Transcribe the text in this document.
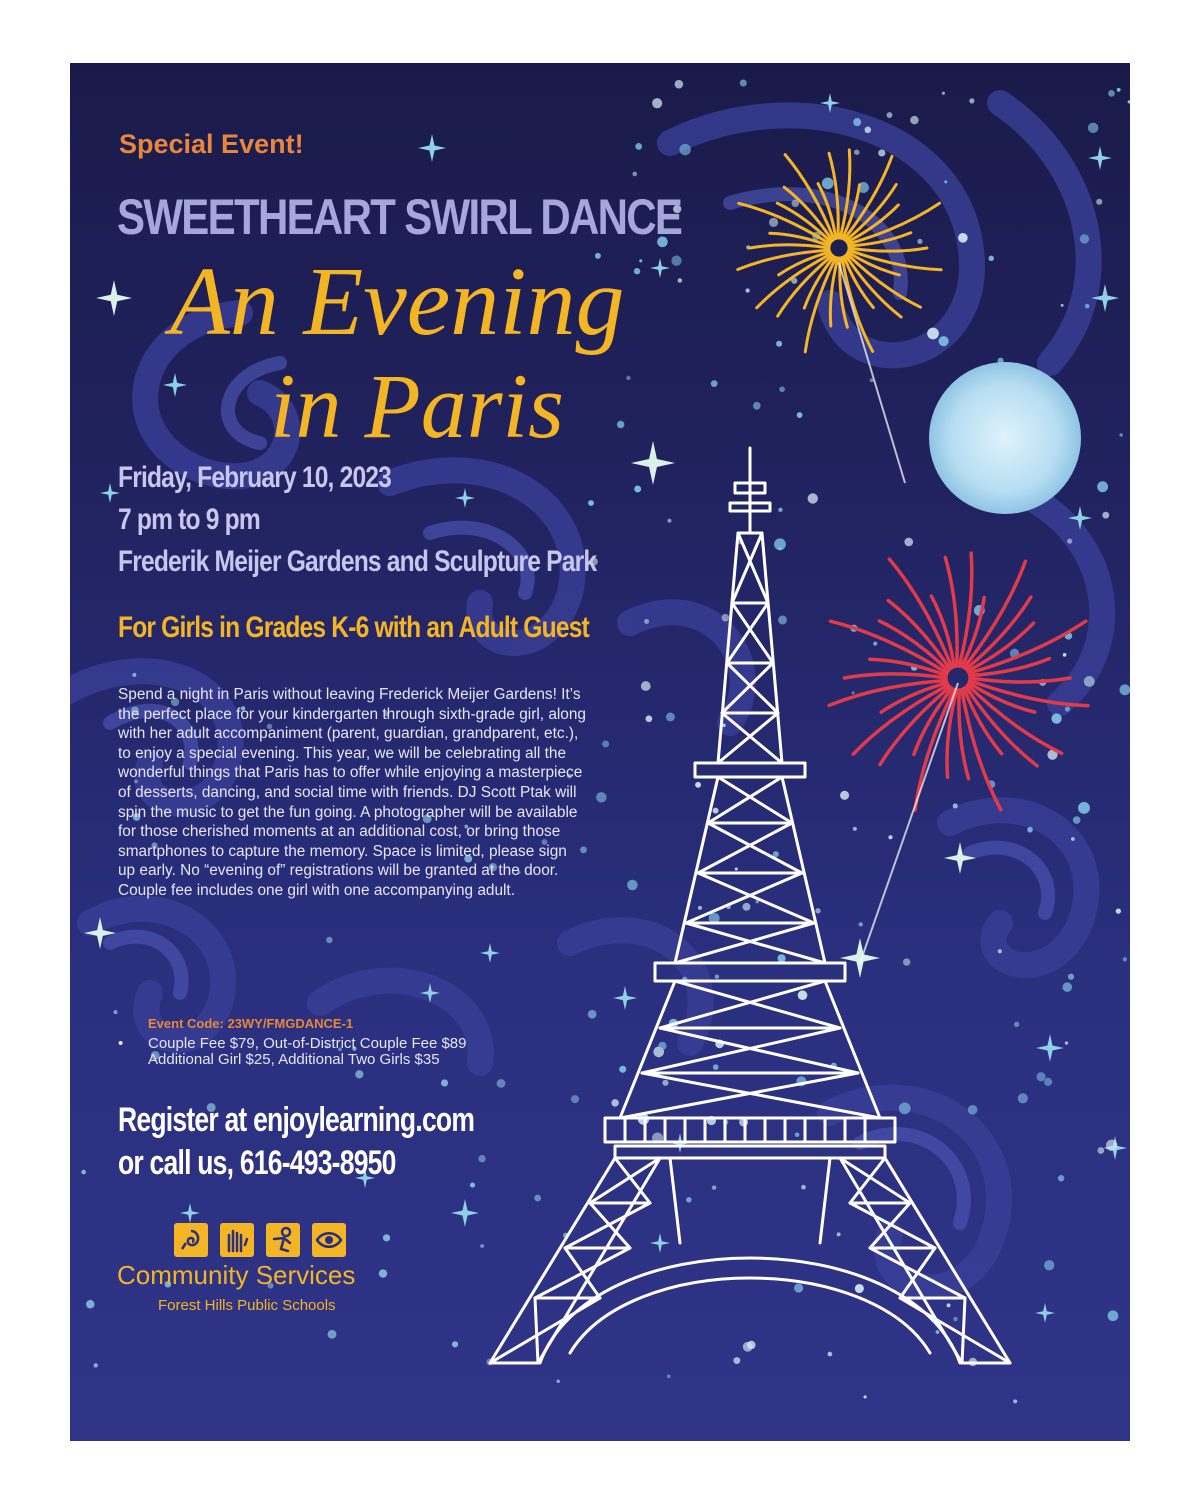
Special Event!

SWEETHEART SWIRL DANCE

An Evening

in Paris

Friday, February 10, 2023

7 pm to 9 pm

Frederik Meijer Gardens and Sculpture Park

For Girls in Grades K-6 with an Adult Guest

Spend a night in Paris without leaving Frederick Meijer Gardens! It’s the perfect place for your kindergarten through sixth-grade girl, along with her adult accompaniment (parent, guardian, grandparent, etc.), to enjoy a special evening. This year, we will be celebrating all the wonderful things that Paris has to offer while enjoying a masterpiece of desserts, dancing, and social time with friends. DJ Scott Ptak will spin the music to get the fun going. A photographer will be available for those cherished moments at an additional cost, or bring those smartphones to capture the memory. Space is limited, please sign up early. No “evening of” registrations will be granted at the door. Couple fee includes one girl with one accompanying adult.

Event Code: 23WY/FMGDANCE-1

•	Couple Fee $79, Out-of-District Couple Fee $89
Additional Girl $25, Additional Two Girls $35

Register at enjoylearning.com

or call us, 616-493-8950

Community Services

Forest Hills Public Schools
